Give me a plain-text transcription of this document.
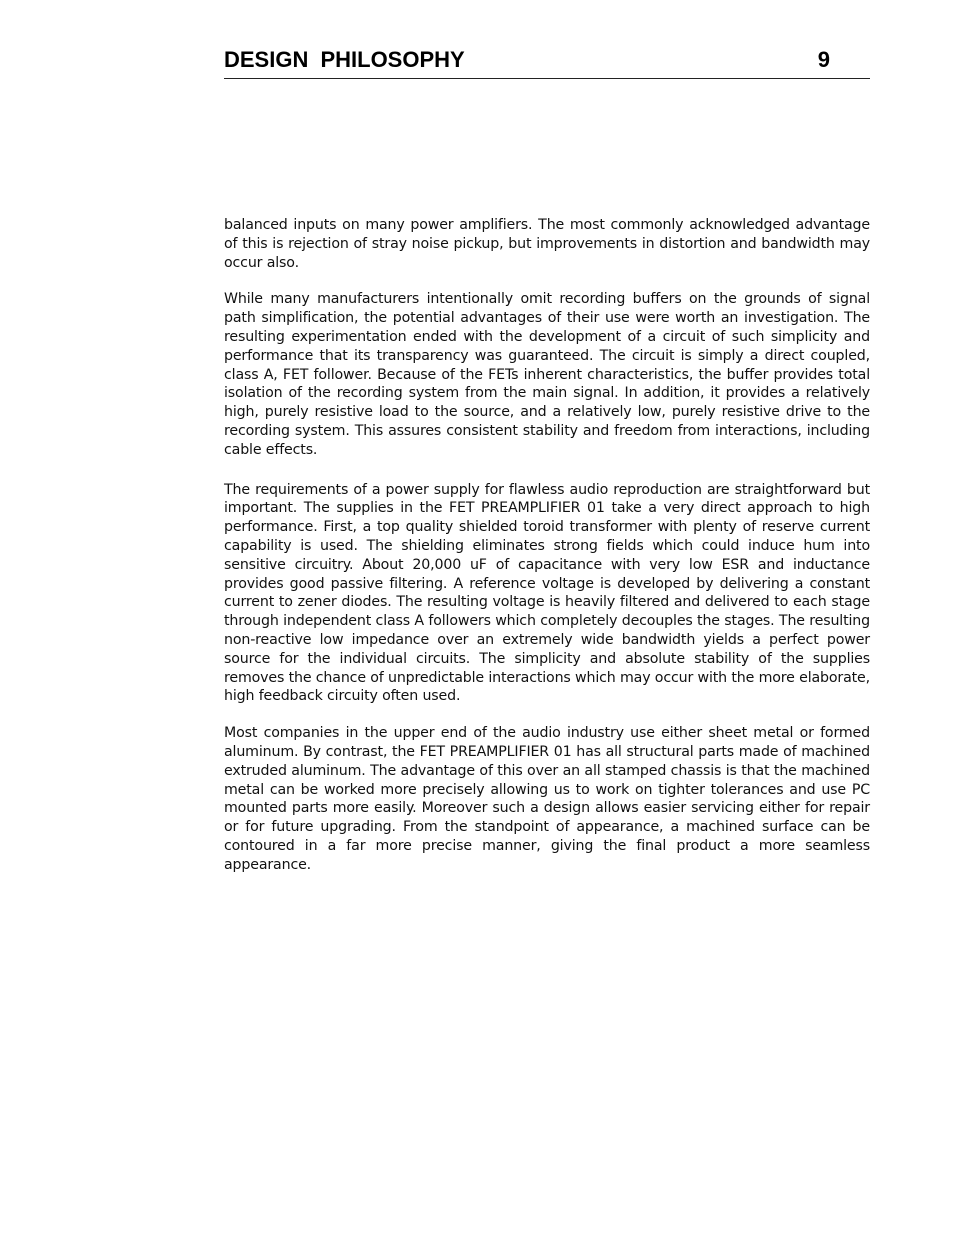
DESIGN PHILOSOPHY	9

balanced inputs on many power amplifiers. The most commonly acknowledged advantage of this is rejection of stray noise pickup, but improvements in distortion and bandwidth may occur also.

While many manufacturers intentionally omit recording buffers on the grounds of signal path simplification, the potential advantages of their use were worth an investigation. The resulting experimentation ended with the development of a circuit of such simplicity and performance that its transparency was guaranteed. The circuit is simply a direct coupled, class A, FET follower. Because of the FETs inherent characteristics, the buffer provides total isolation of the recording system from the main signal. In addition, it provides a relatively high, purely resistive load to the source, and a relatively low, purely resistive drive to the recording system. This assures consistent stability and freedom from interactions, including cable effects.

The requirements of a power supply for flawless audio reproduction are straightforward but important. The supplies in the FET PREAMPLIFIER 01 take a very direct approach to high performance. First, a top quality shielded toroid transformer with plenty of reserve current capability is used. The shielding eliminates strong fields which could induce hum into sensitive circuitry. About 20,000 uF of capacitance with very low ESR and inductance provides good passive filtering. A reference voltage is developed by delivering a constant current to zener diodes. The resulting voltage is heavily filtered and delivered to each stage through independent class A followers which completely decouples the stages. The resulting non-reactive low impedance over an extremely wide bandwidth yields a perfect power source for the individual circuits. The simplicity and absolute stability of the supplies removes the chance of unpredictable interactions which may occur with the more elaborate, high feedback circuity often used.

Most companies in the upper end of the audio industry use either sheet metal or formed aluminum. By contrast, the FET PREAMPLIFIER 01 has all structural parts made of machined extruded aluminum. The advantage of this over an all stamped chassis is that the machined metal can be worked more precisely allowing us to work on tighter tolerances and use PC mounted parts more easily. Moreover such a design allows easier servicing either for repair or for future upgrading. From the standpoint of appearance, a machined surface can be contoured in a far more precise manner, giving the final product a more seamless appearance.
